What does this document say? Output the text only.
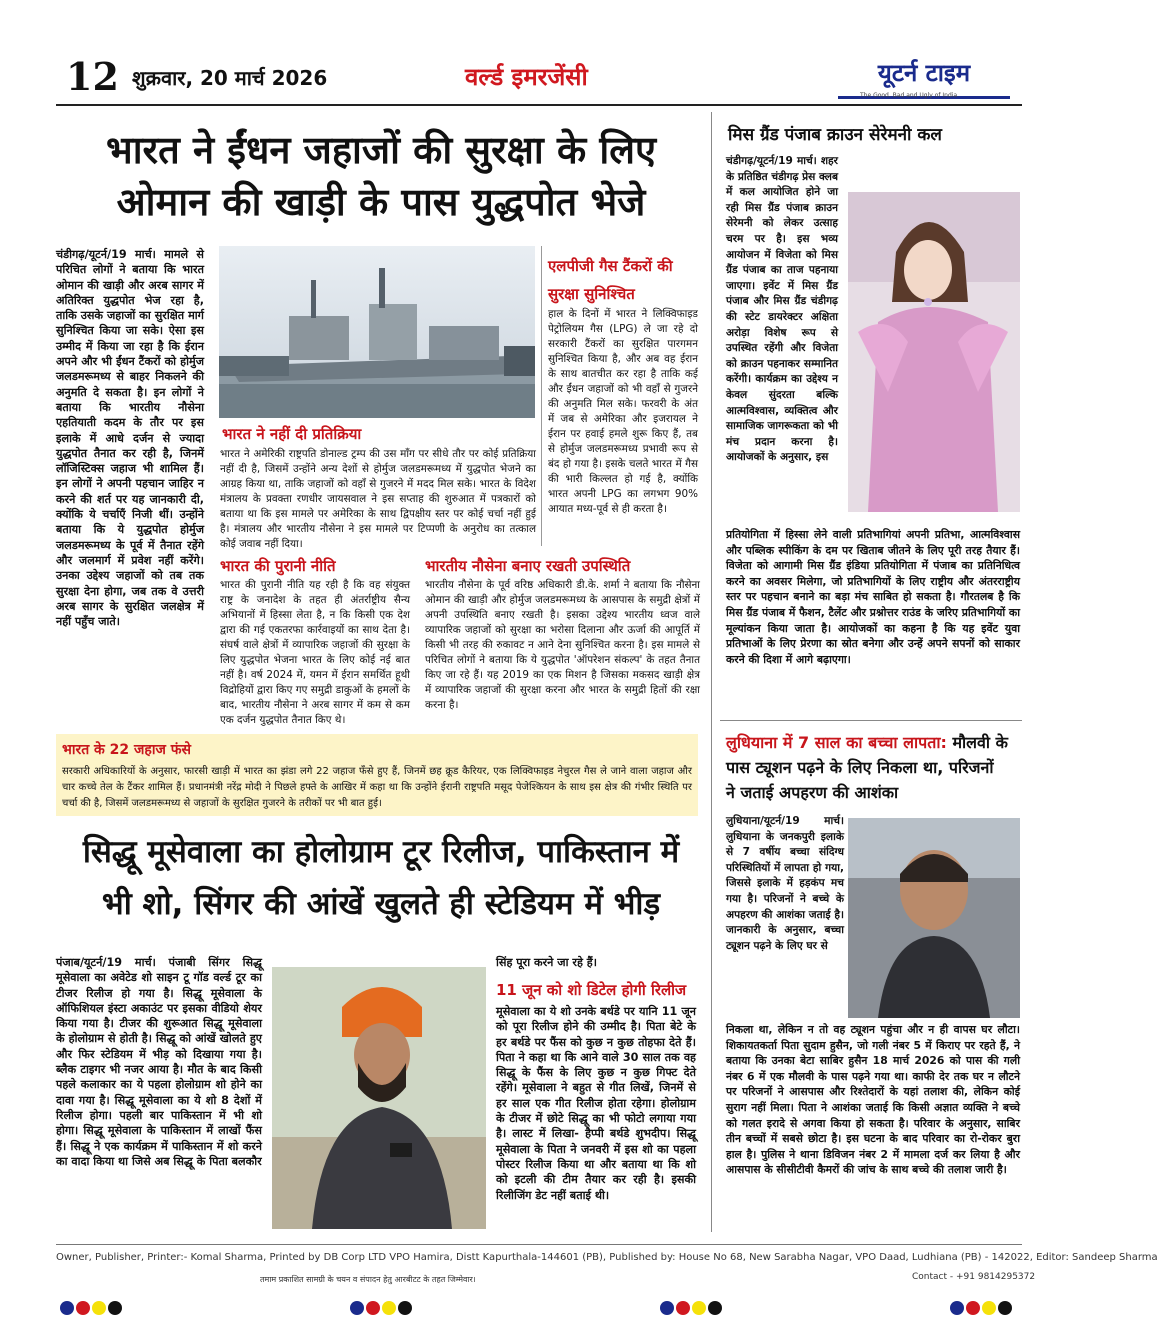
12 शुक्रवार, 20 मार्च 2026	वर्ल्ड इमरजेंसी	यूटर्न टाइम
The Good, Bad and Ugly of India
भारत ने ईंधन जहाजों की सुरक्षा के लिए
ओमान की खाड़ी के पास युद्धपोत भेजे
चंडीगढ़/यूटर्न/19 मार्च। मामले से परिचित लोगों ने बताया कि भारत ओमान की खाड़ी और अरब सागर में अतिरिक्त युद्धपोत भेज रहा है, ताकि उसके जहाजों का सुरक्षित मार्ग सुनिश्चित किया जा सके। ऐसा इस उम्मीद में किया जा रहा है कि ईरान अपने और भी ईंधन टैंकरों को होर्मुज जलडमरूमध्य से बाहर निकलने की अनुमति दे सकता है। इन लोगों ने बताया कि भारतीय नौसेना एहतियाती कदम के तौर पर इस इलाके में आधे दर्जन से ज्यादा युद्धपोत तैनात कर रही है, जिनमें लॉजिस्टिक्स जहाज भी शामिल हैं। इन लोगों ने अपनी पहचान जाहिर न करने की शर्त पर यह जानकारी दी, क्योंकि ये चर्चाएँ निजी थीं। उन्होंने बताया कि ये युद्धपोत होर्मुज जलडमरूमध्य के पूर्व में तैनात रहेंगे और जलमार्ग में प्रवेश नहीं करेंगे। उनका उद्देश्य जहाजों को तब तक सुरक्षा देना होगा, जब तक वे उत्तरी अरब सागर के सुरक्षित जलक्षेत्र में नहीं पहुँच जाते।
भारत ने नहीं दी प्रतिक्रिया
भारत ने अमेरिकी राष्ट्रपति डोनाल्ड ट्रम्प की उस माँग पर सीधे तौर पर कोई प्रतिक्रिया नहीं दी है, जिसमें उन्होंने अन्य देशों से होर्मुज जलडमरूमध्य में युद्धपोत भेजने का आग्रह किया था, ताकि जहाजों को वहाँ से गुजरने में मदद मिल सके। भारत के विदेश मंत्रालय के प्रवक्ता रणधीर जायसवाल ने इस सप्ताह की शुरुआत में पत्रकारों को बताया था कि इस मामले पर अमेरिका के साथ द्विपक्षीय स्तर पर कोई चर्चा नहीं हुई है। मंत्रालय और भारतीय नौसेना ने इस मामले पर टिप्पणी के अनुरोध का तत्काल कोई जवाब नहीं दिया।
एलपीजी गैस टैंकरों की
सुरक्षा सुनिश्चित
हाल के दिनों में भारत ने लिक्विफाइड पेट्रोलियम गैस (LPG) ले जा रहे दो सरकारी टैंकरों का सुरक्षित पारगमन सुनिश्चित किया है, और अब वह ईरान के साथ बातचीत कर रहा है ताकि कई और ईंधन जहाजों को भी वहाँ से गुजरने की अनुमति मिल सके। फरवरी के अंत में जब से अमेरिका और इजरायल ने ईरान पर हवाई हमले शुरू किए हैं, तब से होर्मुज जलडमरूमध्य प्रभावी रूप से बंद हो गया है। इसके चलते भारत में गैस की भारी किल्लत हो गई है, क्योंकि भारत अपनी LPG का लगभग 90% आयात मध्य-पूर्व से ही करता है।
भारत की पुरानी नीति
भारत की पुरानी नीति यह रही है कि वह संयुक्त राष्ट्र के जनादेश के तहत ही अंतर्राष्ट्रीय सैन्य अभियानों में हिस्सा लेता है, न कि किसी एक देश द्वारा की गई एकतरफा कार्रवाइयों का साथ देता है। संघर्ष वाले क्षेत्रों में व्यापारिक जहाजों की सुरक्षा के लिए युद्धपोत भेजना भारत के लिए कोई नई बात नहीं है। वर्ष 2024 में, यमन में ईरान समर्थित हूथी विद्रोहियों द्वारा किए गए समुद्री डाकुओं के हमलों के बाद, भारतीय नौसेना ने अरब सागर में कम से कम एक दर्जन युद्धपोत तैनात किए थे।
भारतीय नौसेना बनाए रखती उपस्थिति
भारतीय नौसेना के पूर्व वरिष्ठ अधिकारी डी.के. शर्मा ने बताया कि नौसेना ओमान की खाड़ी और होर्मुज जलडमरूमध्य के आसपास के समुद्री क्षेत्रों में अपनी उपस्थिति बनाए रखती है। इसका उद्देश्य भारतीय ध्वज वाले व्यापारिक जहाजों को सुरक्षा का भरोसा दिलाना और ऊर्जा की आपूर्ति में किसी भी तरह की रुकावट न आने देना सुनिश्चित करना है। इस मामले से परिचित लोगों ने बताया कि ये युद्धपोत 'ऑपरेशन संकल्प' के तहत तैनात किए जा रहे हैं। यह 2019 का एक मिशन है जिसका मकसद खाड़ी क्षेत्र में व्यापारिक जहाजों की सुरक्षा करना और भारत के समुद्री हितों की रक्षा करना है।
भारत के 22 जहाज फंसे
सरकारी अधिकारियों के अनुसार, फारसी खाड़ी में भारत का झंडा लगे 22 जहाज फँसे हुए हैं, जिनमें छह क्रूड कैरियर, एक लिक्विफाइड नेचुरल गैस ले जाने वाला जहाज और चार कच्चे तेल के टैंकर शामिल हैं। प्रधानमंत्री नरेंद्र मोदी ने पिछले हफ्ते के आखिर में कहा था कि उन्होंने ईरानी राष्ट्रपति मसूद पेजेश्कियन के साथ इस क्षेत्र की गंभीर स्थिति पर चर्चा की है, जिसमें जलडमरूमध्य से जहाजों के सुरक्षित गुजरने के तरीकों पर भी बात हुई।
मिस ग्रैंड पंजाब क्राउन सेरेमनी कल
चंडीगढ़/यूटर्न/19 मार्च। शहर के प्रतिष्ठित चंडीगढ़ प्रेस क्लब में कल आयोजित होने जा रही मिस ग्रैंड पंजाब क्राउन सेरेमनी को लेकर उत्साह चरम पर है। इस भव्य आयोजन में विजेता को मिस ग्रैंड पंजाब का ताज पहनाया जाएगा। इवेंट में मिस ग्रैंड पंजाब और मिस ग्रैंड चंडीगढ़ की स्टेट डायरेक्टर अक्षिता अरोड़ा विशेष रूप से उपस्थित रहेंगी और विजेता को क्राउन पहनाकर सम्मानित करेंगी। कार्यक्रम का उद्देश्य न केवल सुंदरता बल्कि आत्मविश्वास, व्यक्तित्व और सामाजिक जागरूकता को भी मंच प्रदान करना है। आयोजकों के अनुसार, इस
प्रतियोगिता में हिस्सा लेने वाली प्रतिभागियां अपनी प्रतिभा, आत्मविश्वास और पब्लिक स्पीकिंग के दम पर खिताब जीतने के लिए पूरी तरह तैयार हैं। विजेता को आगामी मिस ग्रैंड इंडिया प्रतियोगिता में पंजाब का प्रतिनिधित्व करने का अवसर मिलेगा, जो प्रतिभागियों के लिए राष्ट्रीय और अंतरराष्ट्रीय स्तर पर पहचान बनाने का बड़ा मंच साबित हो सकता है। गौरतलब है कि मिस ग्रैंड पंजाब में फैशन, टैलेंट और प्रश्नोत्तर राउंड के जरिए प्रतिभागियों का मूल्यांकन किया जाता है। आयोजकों का कहना है कि यह इवेंट युवा प्रतिभाओं के लिए प्रेरणा का स्रोत बनेगा और उन्हें अपने सपनों को साकार करने की दिशा में आगे बढ़ाएगा।
लुधियाना में 7 साल का बच्चा लापता: मौलवी के
पास ट्यूशन पढ़ने के लिए निकला था, परिजनों
ने जताई अपहरण की आशंका
लुधियाना/यूटर्न/19 मार्च। लुधियाना के जनकपुरी इलाके से 7 वर्षीय बच्चा संदिग्ध परिस्थितियों में लापता हो गया, जिससे इलाके में हड़कंप मच गया है। परिजनों ने बच्चे के अपहरण की आशंका जताई है। जानकारी के अनुसार, बच्चा ट्यूशन पढ़ने के लिए घर से
निकला था, लेकिन न तो वह ट्यूशन पहुंचा और न ही वापस घर लौटा। शिकायतकर्ता पिता सुदाम हुसैन, जो गली नंबर 5 में किराए पर रहते हैं, ने बताया कि उनका बेटा साबिर हुसैन 18 मार्च 2026 को पास की गली नंबर 6 में एक मौलवी के पास पढ़ने गया था। काफी देर तक घर न लौटने पर परिजनों ने आसपास और रिश्तेदारों के यहां तलाश की, लेकिन कोई सुराग नहीं मिला। पिता ने आशंका जताई कि किसी अज्ञात व्यक्ति ने बच्चे को गलत इरादे से अगवा किया हो सकता है। परिवार के अनुसार, साबिर तीन बच्चों में सबसे छोटा है। इस घटना के बाद परिवार का रो-रोकर बुरा हाल है। पुलिस ने थाना डिविजन नंबर 2 में मामला दर्ज कर लिया है और आसपास के सीसीटीवी कैमरों की जांच के साथ बच्चे की तलाश जारी है।
सिद्धू मूसेवाला का होलोग्राम टूर रिलीज, पाकिस्तान में
भी शो, सिंगर की आंखें खुलते ही स्टेडियम में भीड़
पंजाब/यूटर्न/19 मार्च। पंजाबी सिंगर सिद्धू मूसेवाला का अवेटेड शो साइन टू गॉड वर्ल्ड टूर का टीजर रिलीज हो गया है। सिद्धू मूसेवाला के ऑफिशियल इंस्टा अकाउंट पर इसका वीडियो शेयर किया गया है। टीजर की शुरूआत सिद्धू मूसेवाला के होलोग्राम से होती है। सिद्धू को आंखें खोलते हुए और फिर स्टेडियम में भीड़ को दिखाया गया है। ब्लैक टाइगर भी नजर आया है। मौत के बाद किसी पहले कलाकार का ये पहला होलोग्राम शो होने का दावा गया है। सिद्धू मूसेवाला का ये शो 8 देशों में रिलीज होगा। पहली बार पाकिस्तान में भी शो होगा। सिद्धू मूसेवाला के पाकिस्तान में लाखों फैंस हैं। सिद्धू ने एक कार्यक्रम में पाकिस्तान में शो करने का वादा किया था जिसे अब सिद्धू के पिता बलकौर
सिंह पूरा करने जा रहे हैं।
11 जून को शो डिटेल होगी रिलीज
मूसेवाला का ये शो उनके बर्थडे पर यानि 11 जून को पूरा रिलीज होने की उम्मीद है। पिता बेटे के हर बर्थडे पर फैंस को कुछ न कुछ तोहफा देते हैं। पिता ने कहा था कि आने वाले 30 साल तक वह सिद्धू के फैंस के लिए कुछ न कुछ गिफ्ट देते रहेंगे। मूसेवाला ने बहुत से गीत लिखें, जिनमें से हर साल एक गीत रिलीज होता रहेगा। होलोग्राम के टीजर में छोटे सिद्धू का भी फोटो लगाया गया है। लास्ट में लिखा- हैप्पी बर्थडे शुभदीप। सिद्धू मूसेवाला के पिता ने जनवरी में इस शो का पहला पोस्टर रिलीज किया था और बताया था कि शो को इटली की टीम तैयार कर रही है। इसकी रिलीजिंग डेट नहीं बताई थी।
Owner, Publisher, Printer:- Komal Sharma, Printed by DB Corp LTD VPO Hamira, Distt Kapurthala-144601 (PB), Published by: House No 68, New Sarabha Nagar, VPO Daad, Ludhiana (PB) - 142022, Editor: Sandeep Sharma
तमाम प्रकाशित सामग्री के चयन व संपादन हेतु आरबीटट के तहत जिम्मेवार।	Contact - +91 9814295372
